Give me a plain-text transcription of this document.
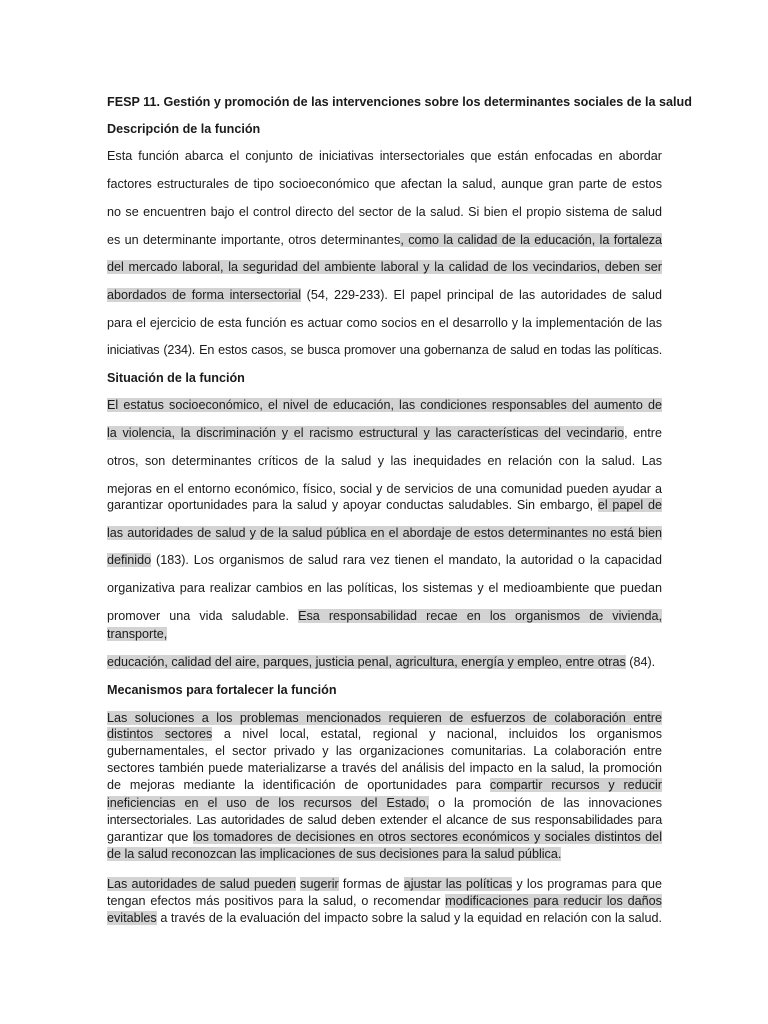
FESP 11. Gestión y promoción de las intervenciones sobre los determinantes sociales de la salud
Descripción de la función
Esta función abarca el conjunto de iniciativas intersectoriales que están enfocadas en abordar
factores estructurales de tipo socioeconómico que afectan la salud, aunque gran parte de estos
no se encuentren bajo el control directo del sector de la salud. Si bien el propio sistema de salud
es un determinante importante, otros determinantes, como la calidad de la educación, la fortaleza
del mercado laboral, la seguridad del ambiente laboral y la calidad de los vecindarios, deben ser
abordados de forma intersectorial (54, 229-233). El papel principal de las autoridades de salud
para el ejercicio de esta función es actuar como socios en el desarrollo y la implementación de las
iniciativas (234). En estos casos, se busca promover una gobernanza de salud en todas las políticas.
Situación de la función
El estatus socioeconómico, el nivel de educación, las condiciones responsables del aumento de
la violencia, la discriminación y el racismo estructural y las características del vecindario, entre
otros, son determinantes críticos de la salud y las inequidades en relación con la salud. Las
mejoras en el entorno económico, físico, social y de servicios de una comunidad pueden ayudar a
garantizar oportunidades para la salud y apoyar conductas saludables. Sin embargo, el papel de
las autoridades de salud y de la salud pública en el abordaje de estos determinantes no está bien
definido (183). Los organismos de salud rara vez tienen el mandato, la autoridad o la capacidad
organizativa para realizar cambios en las políticas, los sistemas y el medioambiente que puedan
promover una vida saludable. Esa responsabilidad recae en los organismos de vivienda,
transporte,
educación, calidad del aire, parques, justicia penal, agricultura, energía y empleo, entre otras (84).
Mecanismos para fortalecer la función
Las soluciones a los problemas mencionados requieren de esfuerzos de colaboración entre
distintos sectores a nivel local, estatal, regional y nacional, incluidos los organismos
gubernamentales, el sector privado y las organizaciones comunitarias. La colaboración entre
sectores también puede materializarse a través del análisis del impacto en la salud, la promoción
de mejoras mediante la identificación de oportunidades para compartir recursos y reducir
ineficiencias en el uso de los recursos del Estado, o la promoción de las innovaciones
intersectoriales. Las autoridades de salud deben extender el alcance de sus responsabilidades para
garantizar que los tomadores de decisiones en otros sectores económicos y sociales distintos del
de la salud reconozcan las implicaciones de sus decisiones para la salud pública.
Las autoridades de salud pueden sugerir formas de ajustar las políticas y los programas para que
tengan efectos más positivos para la salud, o recomendar modificaciones para reducir los daños
evitables a través de la evaluación del impacto sobre la salud y la equidad en relación con la salud.
